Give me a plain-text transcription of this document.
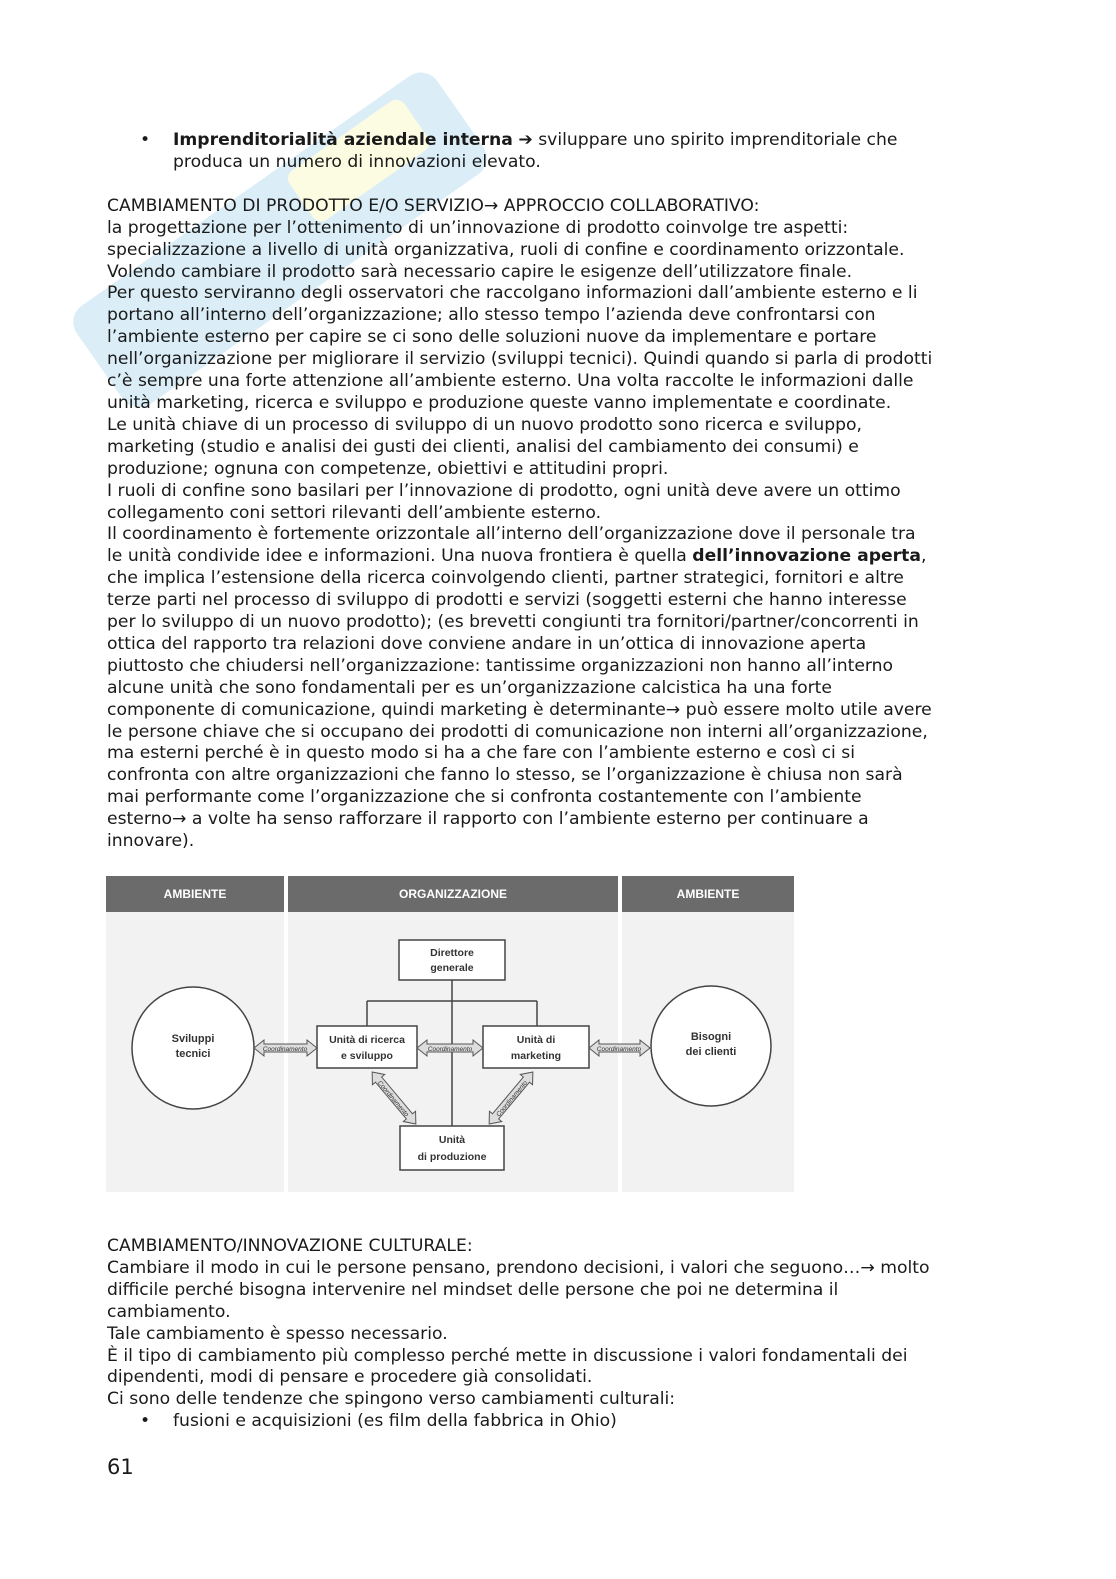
• Imprenditorialità aziendale interna ➔ sviluppare uno spirito imprenditoriale che
produca un numero di innovazioni elevato.
CAMBIAMENTO DI PRODOTTO E/O SERVIZIO→ APPROCCIO COLLABORATIVO:
la progettazione per l’ottenimento di un’innovazione di prodotto coinvolge tre aspetti:
specializzazione a livello di unità organizzativa, ruoli di confine e coordinamento orizzontale.
Volendo cambiare il prodotto sarà necessario capire le esigenze dell’utilizzatore finale.
Per questo serviranno degli osservatori che raccolgano informazioni dall’ambiente esterno e li
portano all’interno dell’organizzazione; allo stesso tempo l’azienda deve confrontarsi con
l’ambiente esterno per capire se ci sono delle soluzioni nuove da implementare e portare
nell’organizzazione per migliorare il servizio (sviluppi tecnici). Quindi quando si parla di prodotti
c’è sempre una forte attenzione all’ambiente esterno. Una volta raccolte le informazioni dalle
unità marketing, ricerca e sviluppo e produzione queste vanno implementate e coordinate.
Le unità chiave di un processo di sviluppo di un nuovo prodotto sono ricerca e sviluppo,
marketing (studio e analisi dei gusti dei clienti, analisi del cambiamento dei consumi) e
produzione; ognuna con competenze, obiettivi e attitudini propri.
I ruoli di confine sono basilari per l’innovazione di prodotto, ogni unità deve avere un ottimo
collegamento coni settori rilevanti dell’ambiente esterno.
Il coordinamento è fortemente orizzontale all’interno dell’organizzazione dove il personale tra
le unità condivide idee e informazioni. Una nuova frontiera è quella dell’innovazione aperta,
che implica l’estensione della ricerca coinvolgendo clienti, partner strategici, fornitori e altre
terze parti nel processo di sviluppo di prodotti e servizi (soggetti esterni che hanno interesse
per lo sviluppo di un nuovo prodotto); (es brevetti congiunti tra fornitori/partner/concorrenti in
ottica del rapporto tra relazioni dove conviene andare in un’ottica di innovazione aperta
piuttosto che chiudersi nell’organizzazione: tantissime organizzazioni non hanno all’interno
alcune unità che sono fondamentali per es un’organizzazione calcistica ha una forte
componente di comunicazione, quindi marketing è determinante→ può essere molto utile avere
le persone chiave che si occupano dei prodotti di comunicazione non interni all’organizzazione,
ma esterni perché è in questo modo si ha a che fare con l’ambiente esterno e così ci si
confronta con altre organizzazioni che fanno lo stesso, se l’organizzazione è chiusa non sarà
mai performante come l’organizzazione che si confronta costantemente con l’ambiente
esterno→ a volte ha senso rafforzare il rapporto con l’ambiente esterno per continuare a
innovare).
AMBIENTE	ORGANIZZAZIONE	AMBIENTE
Sviluppi
tecnici
Bisogni
dei clienti
Direttore
generale
Unità di ricerca
e sviluppo
Unità di
marketing
Unità
di produzione
Coordinamento	Coordinamento	Coordinamento
Coordinamento	Coordinamento
CAMBIAMENTO/INNOVAZIONE CULTURALE:
Cambiare il modo in cui le persone pensano, prendono decisioni, i valori che seguono…→ molto
difficile perché bisogna intervenire nel mindset delle persone che poi ne determina il
cambiamento.
Tale cambiamento è spesso necessario.
È il tipo di cambiamento più complesso perché mette in discussione i valori fondamentali dei
dipendenti, modi di pensare e procedere già consolidati.
Ci sono delle tendenze che spingono verso cambiamenti culturali:
• fusioni e acquisizioni (es film della fabbrica in Ohio)
61
